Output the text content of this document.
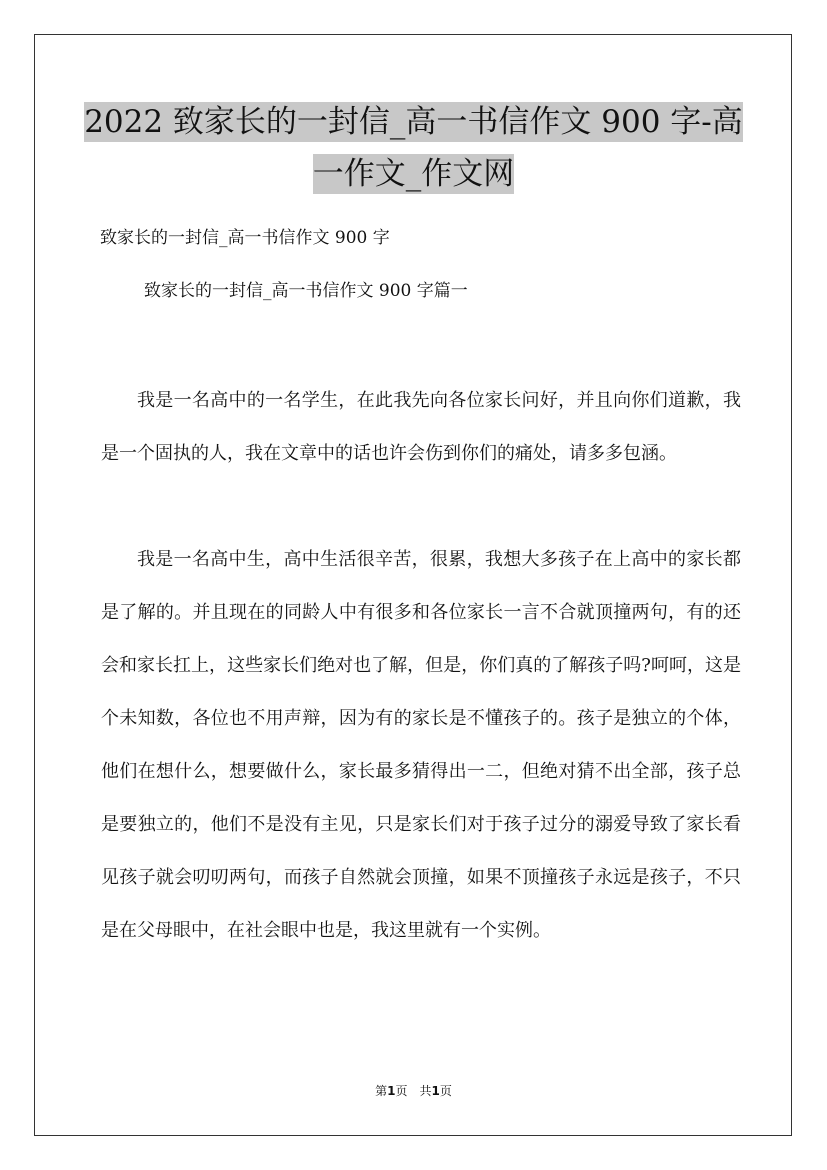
2022 致家长的一封信_高一书信作文 900 字-高
一作文_作文网
致家长的一封信_高一书信作文 900 字
致家长的一封信_高一书信作文 900 字篇一

我是一名高中的一名学生，在此我先向各位家长问好，并且向你们道歉，我是一个固执的人，我在文章中的话也许会伤到你们的痛处，请多多包涵。

我是一名高中生，高中生活很辛苦，很累，我想大多孩子在上高中的家长都是了解的。并且现在的同龄人中有很多和各位家长一言不合就顶撞两句，有的还会和家长扛上，这些家长们绝对也了解，但是，你们真的了解孩子吗?呵呵，这是个未知数，各位也不用声辩，因为有的家长是不懂孩子的。孩子是独立的个体，他们在想什么，想要做什么，家长最多猜得出一二，但绝对猜不出全部，孩子总是要独立的，他们不是没有主见，只是家长们对于孩子过分的溺爱导致了家长看见孩子就会叨叨两句，而孩子自然就会顶撞，如果不顶撞孩子永远是孩子，不只是在父母眼中，在社会眼中也是，我这里就有一个实例。

第1页　共1页
